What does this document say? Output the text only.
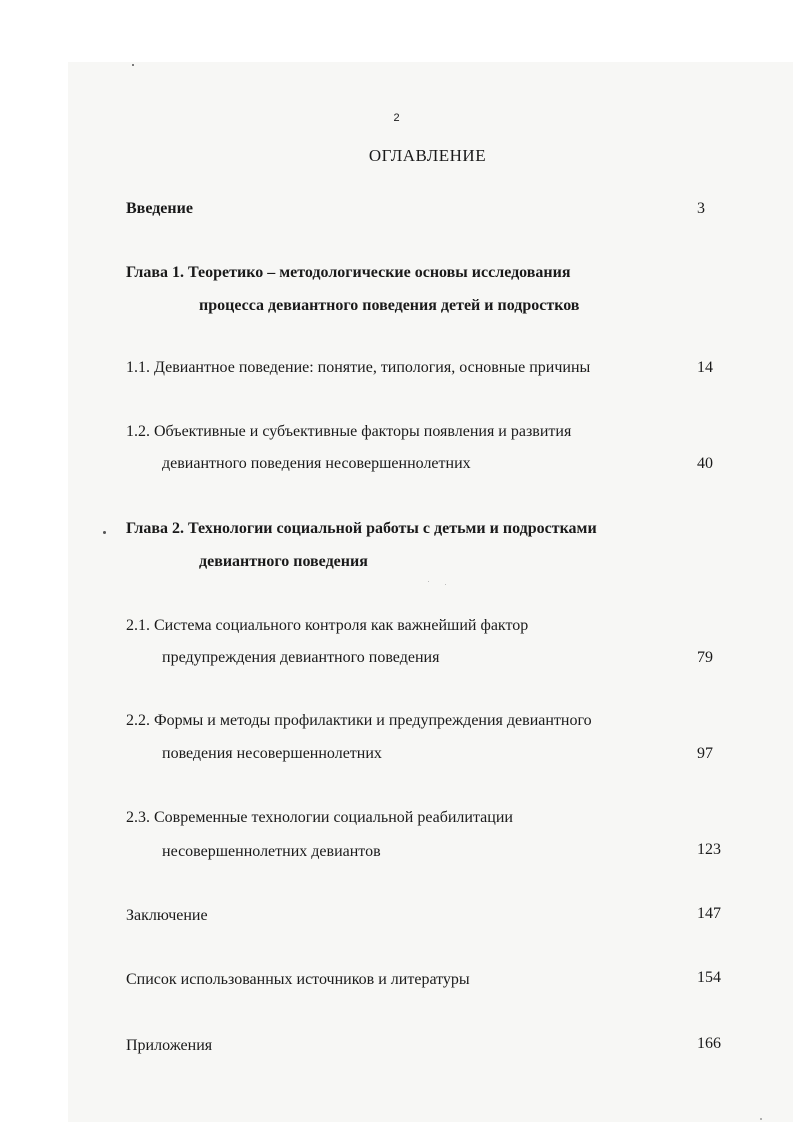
2
ОГЛАВЛЕНИЕ
Введение	3
Глава 1. Теоретико – методологические основы исследования
процесса девиантного поведения детей и подростков
1.1. Девиантное поведение: понятие, типология, основные причины	14
1.2. Объективные и субъективные факторы появления и развития
девиантного поведения несовершеннолетних	40
Глава 2. Технологии социальной работы с детьми и подростками
девиантного поведения
2.1. Система социального контроля как важнейший фактор
предупреждения девиантного поведения	79
2.2. Формы и методы профилактики и предупреждения девиантного
поведения несовершеннолетних	97
2.3. Современные технологии социальной реабилитации
несовершеннолетних девиантов	123
Заключение	147
Список использованных источников и литературы	154
Приложения	166
